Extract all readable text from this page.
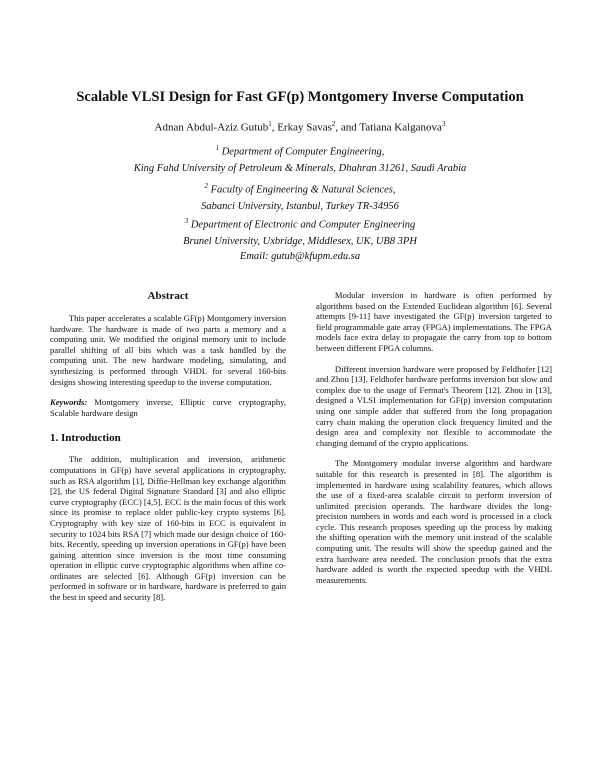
Scalable VLSI Design for Fast GF(p) Montgomery Inverse Computation
Adnan Abdul-Aziz Gutub$^1$, Erkay Savas$^2$, and Tatiana Kalganova$^3$
$^1$ Department of Computer Engineering,
King Fahd University of Petroleum & Minerals, Dhahran 31261, Saudi Arabia
$^2$ Faculty of Engineering & Natural Sciences,
Sabanci University, Istanbul, Turkey TR-34956
$^3$ Department of Electronic and Computer Engineering
Brunel University, Uxbridge, Middlesex, UK, UB8 3PH
Email: gutub@kfupm.edu.sa
Abstract

This paper accelerates a scalable GF(p) Montgomery inversion hardware. The hardware is made of two parts a memory and a computing unit. We modified the original memory unit to include parallel shifting of all bits which was a task handled by the computing unit. The new hardware modeling, simulating, and synthesizing is performed through VHDL for several 160-bits designs showing interesting speedup to the inverse computation.

Keywords: Montgomery inverse, Elliptic curve cryptography, Scalable hardware design

1. Introduction

The addition, multiplication and inversion, arithmetic computations in GF(p) have several applications in cryptography, such as RSA algorithm [1], Diffie-Hellman key exchange algorithm [2], the US federal Digital Signature Standard [3] and also elliptic curve cryptography (ECC) [4,5]. ECC is the main focus of this work since its promise to replace older public-key crypto systems [6]. Cryptography with key size of 160-bits in ECC is equivalent in security to 1024 bits RSA [7] which made our design choice of 160-bits. Recently, speeding up inversion operations in GF(p) have been gaining attention since inversion is the most time consuming operation in elliptic curve cryptographic algorithms when affine co-ordinates are selected [6]. Although GF(p) inversion can be performed in software or in hardware, hardware is preferred to gain the best in speed and security [8].

Modular inversion in hardware is often performed by algorithms based on the Extended Euclidean algorithm [6]. Several attempts [9-11] have investigated the GF(p) inversion targeted to field programmable gate array (FPGA) implementations. The FPGA models face extra delay to propagate the carry from top to bottom between different FPGA columns.

Different inversion hardware were proposed by Feldhofer [12] and Zhou [13]. Feldhofer hardware performs inversion but slow and complex due to the usage of Fermat's Theorem [12]. Zhou in [13], designed a VLSI implementation for GF(p) inversion computation using one simple adder that suffered from the long propagation carry chain making the operation clock frequency limited and the design area and complexity not flexible to accommodate the changing demand of the crypto applications.

The Montgomery modular inverse algorithm and hardware suitable for this research is presented in [8]. The algorithm is implemented in hardware using scalability features, which allows the use of a fixed-area scalable circuit to perform inversion of unlimited precision operands. The hardware divides the long-precision numbers in words and each word is processed in a clock cycle. This research proposes speeding up the process by making the shifting operation with the memory unit instead of the scalable computing unit. The results will show the speedup gained and the extra hardware area needed. The conclusion proofs that the extra hardware added is worth the expected speedup with the VHDL measurements.
